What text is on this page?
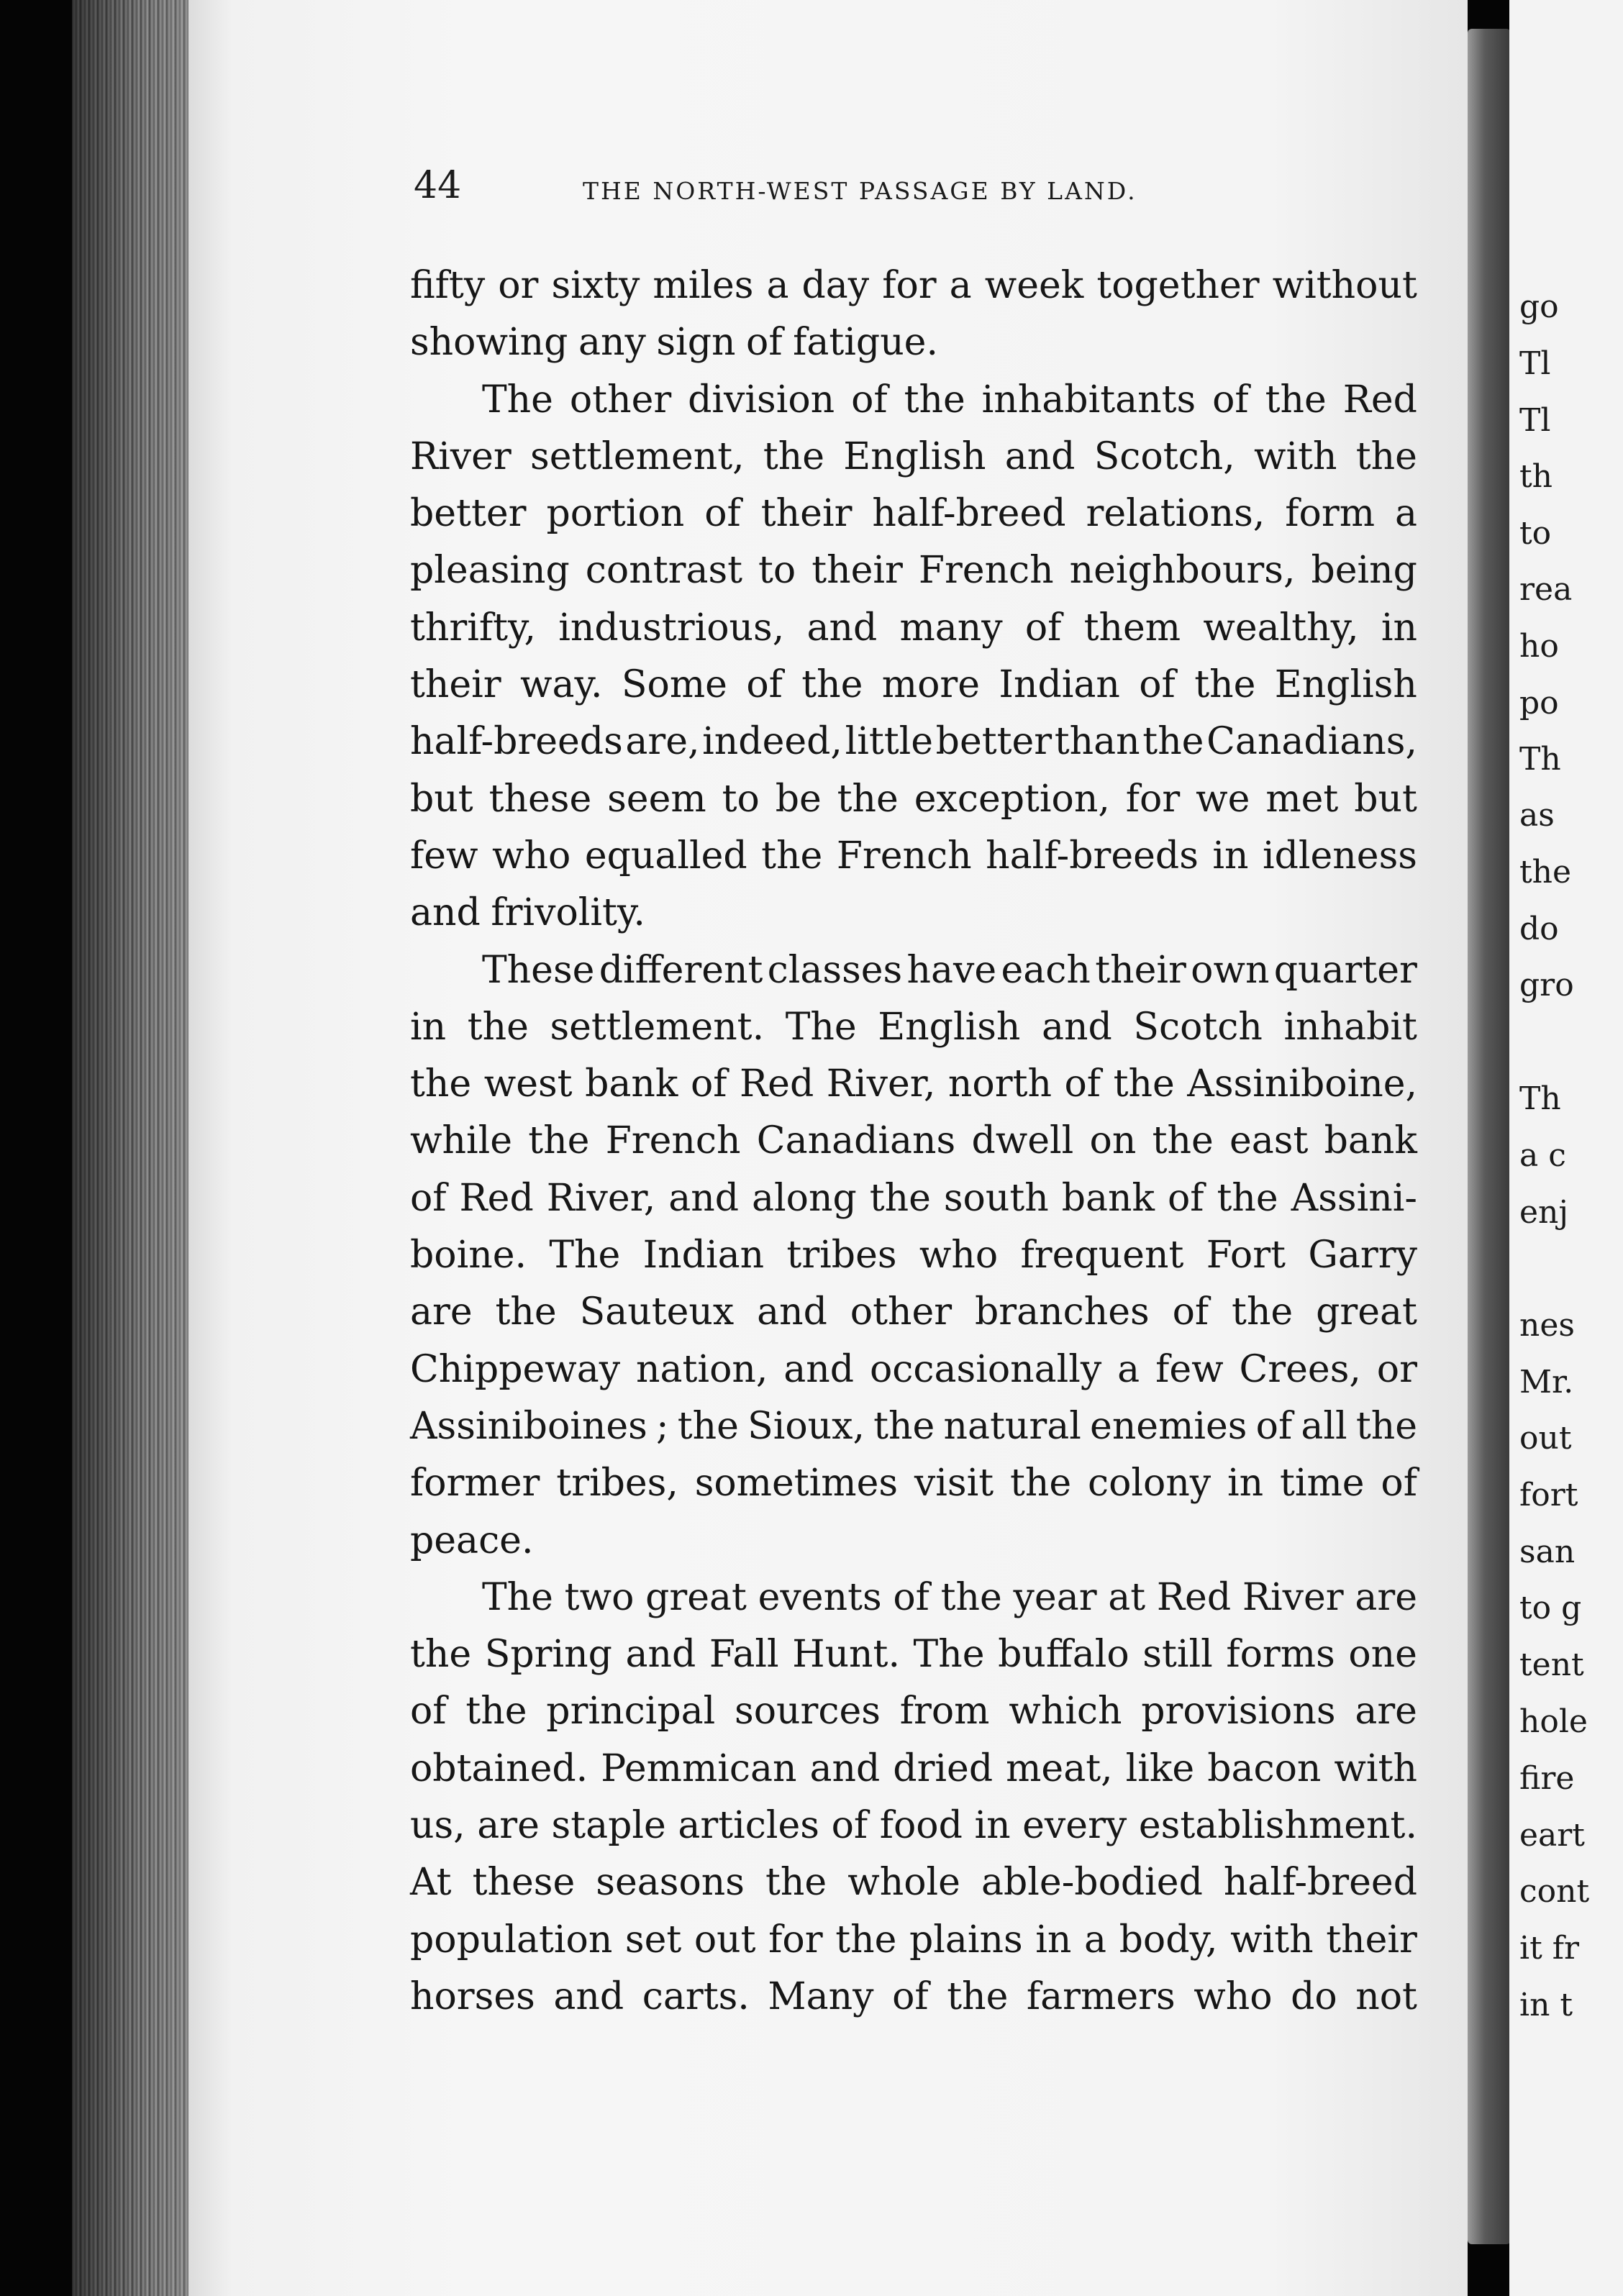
44	THE NORTH-WEST PASSAGE BY LAND.
fifty or sixty miles a day for a week together without
showing any sign of fatigue.
The other division of the inhabitants of the Red
River settlement, the English and Scotch, with the
better portion of their half-breed relations, form a
pleasing contrast to their French neighbours, being
thrifty, industrious, and many of them wealthy, in
their way. Some of the more Indian of the English
half-breeds are, indeed, little better than the Canadians,
but these seem to be the exception, for we met but
few who equalled the French half-breeds in idleness
and frivolity.
These different classes have each their own quarter
in the settlement. The English and Scotch inhabit
the west bank of Red River, north of the Assiniboine,
while the French Canadians dwell on the east bank
of Red River, and along the south bank of the Assini-
boine. The Indian tribes who frequent Fort Garry
are the Sauteux and other branches of the great
Chippeway nation, and occasionally a few Crees, or
Assiniboines ; the Sioux, the natural enemies of all the
former tribes, sometimes visit the colony in time of
peace.
The two great events of the year at Red River are
the Spring and Fall Hunt. The buffalo still forms one
of the principal sources from which provisions are
obtained. Pemmican and dried meat, like bacon with
us, are staple articles of food in every establishment.
At these seasons the whole able-bodied half-breed
population set out for the plains in a body, with their
horses and carts. Many of the farmers who do not
go
Tl
Tl
th
to
rea
ho
po
Th
as
the
do
gro
Th
a c
enj
nes
Mr.
out
fort
san
to g
tent
hole
fire
eart
cont
it fr
in t
